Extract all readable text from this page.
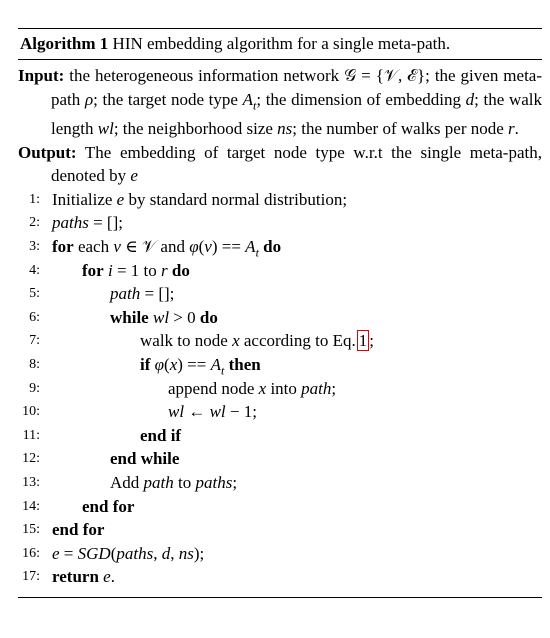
Algorithm 1 HIN embedding algorithm for a single meta-path.
Input: the heterogeneous information network 𝒢 = {𝒱, ℰ}; the given meta-path ρ; the target node type $A_t$; the dimension of embedding d; the walk length wl; the neighborhood size ns; the number of walks per node r.
Output: The embedding of target node type w.r.t the single meta-path, denoted by e
1: Initialize e by standard normal distribution;
2: paths = [];
3: for each v ∈ 𝒱 and $\varphi(v) == A_t$ do
4: for i = 1 to r do
5:	path = [];
6:	while wl > 0 do
7:	walk to node x according to Eq. 1 ;
8:	if $\varphi(x) == A_t$ then
9:	append node x into path;
10:	wl ← wl − 1;
11:	end if
12:	end while
13:	Add path to paths;
14: end for
15: end for
16: e = SGD(paths, d, ns);
17: return e.
